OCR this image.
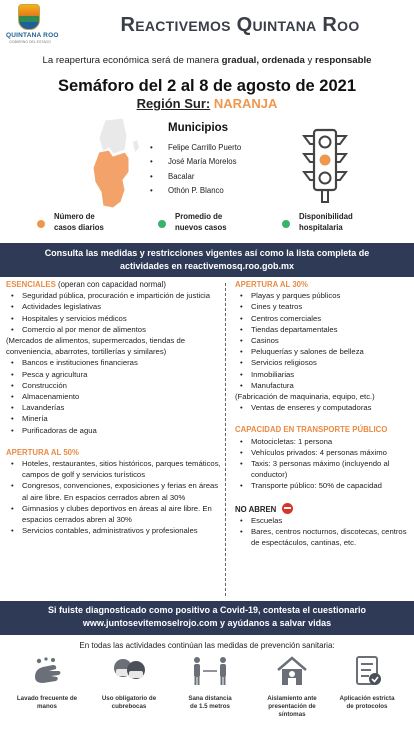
QUINTANA ROO
GOBIERNO DEL ESTADO
Reactivemos Quintana Roo
La reapertura económica será de manera gradual, ordenada y responsable
Semáforo del 2 al 8 de agosto de 2021
Región Sur: NARANJA
Municipios
• Felipe Carrillo Puerto
• José María Morelos
• Bacalar
• Othón P. Blanco
Número de
casos diarios
Promedio de
nuevos casos
Disponibilidad
hospitalaria
Consulta las medidas y restricciones vigentes así como la lista completa de
actividades en reactivemosq.roo.gob.mx
ESENCIALES (operan con capacidad normal)
• Seguridad pública, procuración e impartición de justicia
• Actividades legislativas
• Hospitales y servicios médicos
• Comercio al por menor de alimentos
(Mercados de alimentos, supermercados, tiendas de conveniencia, abarrotes, tortillerías y similares)
• Bancos e instituciones financieras
• Pesca y agricultura
• Construcción
• Almacenamiento
• Lavanderías
• Minería
• Purificadoras de agua
APERTURA AL 50%
• Hoteles, restaurantes, sitios históricos, parques temáticos, campos de golf y servicios turísticos
• Congresos, convenciones, exposiciones y ferias en áreas al aire libre. En espacios cerrados abren al 30%
• Gimnasios y clubes deportivos en áreas al aire libre. En espacios cerrados abren al 30%
• Servicios contables, administrativos y profesionales
APERTURA AL 30%
• Playas y parques públicos
• Cines y teatros
• Centros comerciales
• Tiendas departamentales
• Casinos
• Peluquerías y salones de belleza
• Servicios religiosos
• Inmobiliarias
• Manufactura
(Fabricación de maquinaria, equipo, etc.)
• Ventas de enseres y computadoras
CAPACIDAD EN TRANSPORTE PÚBLICO
• Motocicletas: 1 persona
• Vehículos privados: 4 personas máximo
• Taxis: 3 personas máximo (incluyendo al conductor)
• Transporte público: 50% de capacidad
NO ABREN
• Escuelas
• Bares, centros nocturnos, discotecas, centros de espectáculos, cantinas, etc.
Si fuiste diagnosticado como positivo a Covid-19, contesta el cuestionario
www.juntosevitemoselrojo.com y ayúdanos a salvar vidas
En todas las actividades continúan las medidas de prevención sanitaria:
Lavado frecuente de
manos
Uso obligatorio de
cubrebocas
Sana distancia
de 1.5 metros
Aislamiento ante
presentación de
síntomas
Aplicación estricta
de protocolos
